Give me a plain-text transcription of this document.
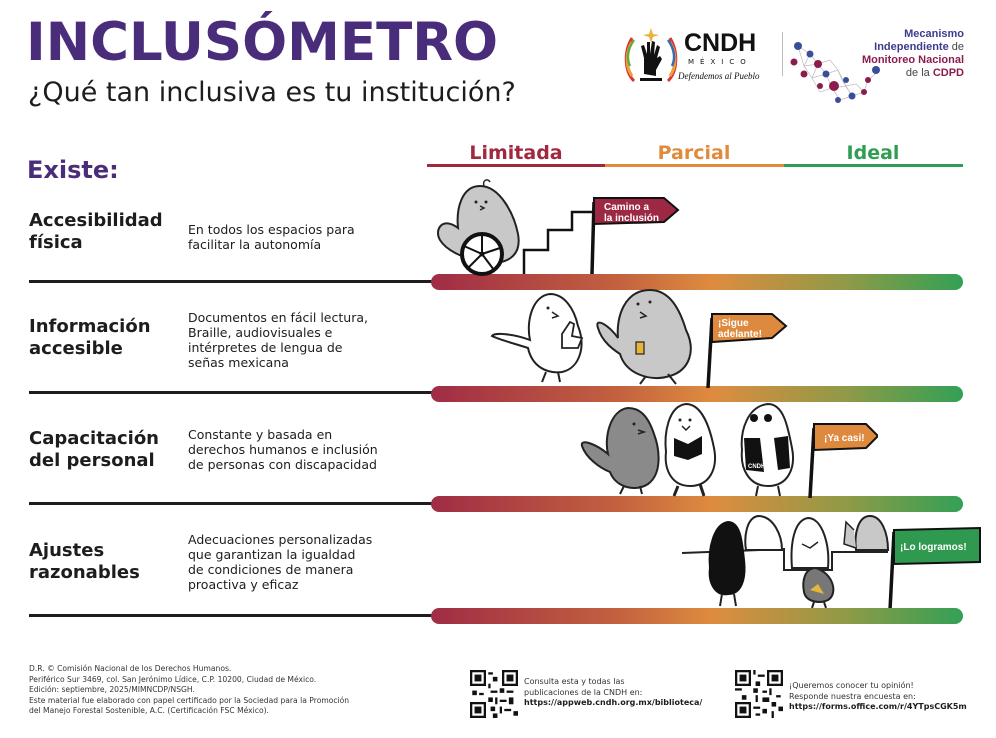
INCLUSÓMETRO
¿Qué tan inclusiva es tu institución?
CNDH
MÉXICO
Defendemos al Pueblo
Mecanismo
Independiente de
Monitoreo Nacional
de la CDPD
Existe:
Limitada	Parcial	Ideal
Accesibilidad
física
En todos los espacios para
facilitar la autonomía
Camino a
la inclusión
Información
accesible
Documentos en fácil lectura,
Braille, audiovisuales e
intérpretes de lengua de
señas mexicana
¡Sigue
adelante!
Capacitación
del personal
Constante y basada en
derechos humanos e inclusión
de personas con discapacidad	CNDH
¡Ya casi!
Ajustes
razonables
Adecuaciones personalizadas
que garantizan la igualdad
de condiciones de manera
proactiva y eficaz
¡Lo logramos!
D.R. © Comisión Nacional de los Derechos Humanos.
Periférico Sur 3469, col. San Jerónimo Lídice, C.P. 10200, Ciudad de México.
Edición: septiembre, 2025/MIMNCDP/NSGH.
Este material fue elaborado con papel certificado por la Sociedad para la Promoción
del Manejo Forestal Sostenible, A.C. (Certificación FSC México).
Consulta esta y todas las
publicaciones de la CNDH en:
https://appweb.cndh.org.mx/biblioteca/
¡Queremos conocer tu opinión!
Responde nuestra encuesta en:
https://forms.office.com/r/4YTpsCGK5m
